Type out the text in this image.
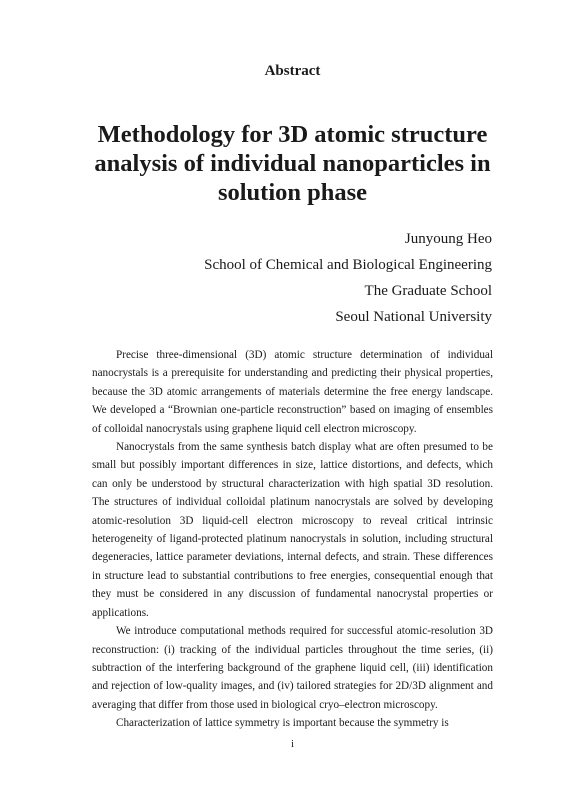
Abstract
Methodology for 3D atomic structure
analysis of individual nanoparticles in
solution phase
Junyoung Heo
School of Chemical and Biological Engineering
The Graduate School
Seoul National University

Precise three-dimensional (3D) atomic structure determination of individual nanocrystals is a prerequisite for understanding and predicting their physical properties, because the 3D atomic arrangements of materials determine the free energy landscape. We developed a “Brownian one-particle reconstruction” based on imaging of ensembles of colloidal nanocrystals using graphene liquid cell electron microscopy.

Nanocrystals from the same synthesis batch display what are often presumed to be small but possibly important differences in size, lattice distortions, and defects, which can only be understood by structural characterization with high spatial 3D resolution. The structures of individual colloidal platinum nanocrystals are solved by developing atomic-resolution 3D liquid-cell electron microscopy to reveal critical intrinsic heterogeneity of ligand-protected platinum nanocrystals in solution, including structural degeneracies, lattice parameter deviations, internal defects, and strain. These differences in structure lead to substantial contributions to free energies, consequential enough that they must be considered in any discussion of fundamental nanocrystal properties or applications.

We introduce computational methods required for successful atomic-resolution 3D reconstruction: (i) tracking of the individual particles throughout the time series, (ii) subtraction of the interfering background of the graphene liquid cell, (iii) identification and rejection of low-quality images, and (iv) tailored strategies for 2D/3D alignment and averaging that differ from those used in biological cryo–electron microscopy.

Characterization of lattice symmetry is important because the symmetry is

i
